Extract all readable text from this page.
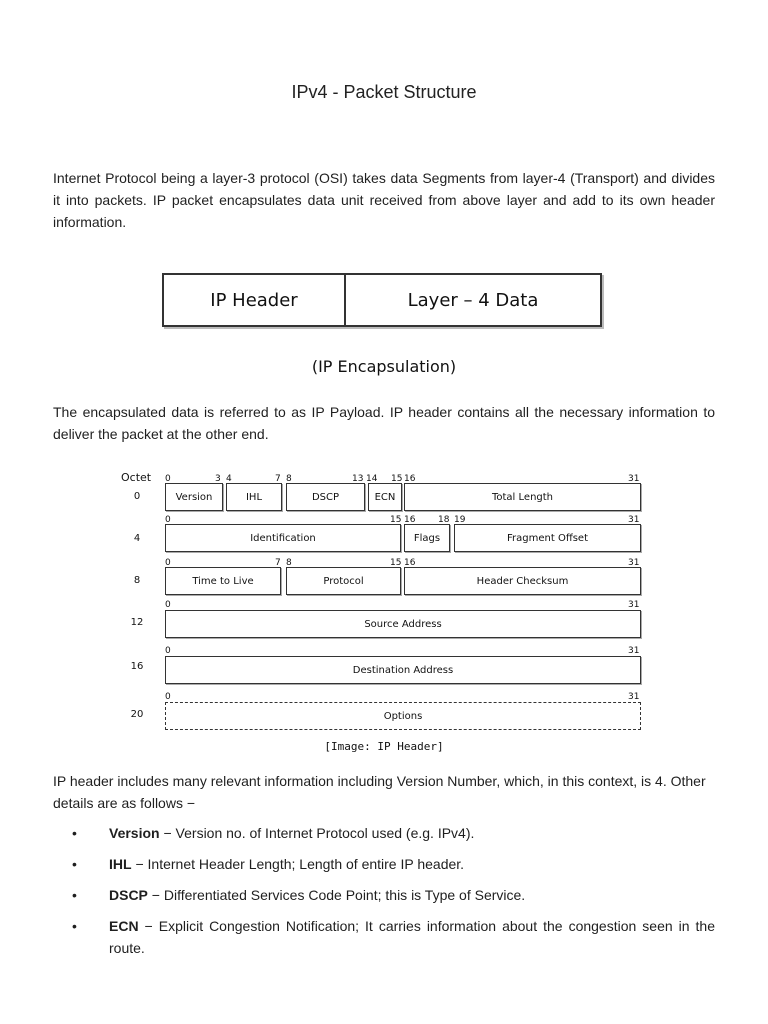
IPv4 - Packet Structure

Internet Protocol being a layer-3 protocol (OSI) takes data Segments from layer-4 (Transport) and divides it into packets. IP packet encapsulates data unit received from above layer and add to its own header information.

IP Header	Layer – 4 Data
(IP Encapsulation)

The encapsulated data is referred to as IP Payload. IP header contains all the necessary information to deliver the packet at the other end.

Octet
0
0	3 4	7 8	13 14 15 16	31
Version	IHL	DSCP	ECN	Total Length
4
0	15 16	18 19	31
Identification	Flags	Fragment Offset
8
0	7 8	15 16	31
Time to Live	Protocol	Header Checksum
12
0	31
Source Address
16
0	31
Destination Address
20
0	31
Options
[Image: IP Header]

IP header includes many relevant information including Version Number, which, in this context, is 4. Other details are as follows −

• Version − Version no. of Internet Protocol used (e.g. IPv4).
• IHL − Internet Header Length; Length of entire IP header.
• DSCP − Differentiated Services Code Point; this is Type of Service.
• ECN − Explicit Congestion Notification; It carries information about the congestion seen in the route.
